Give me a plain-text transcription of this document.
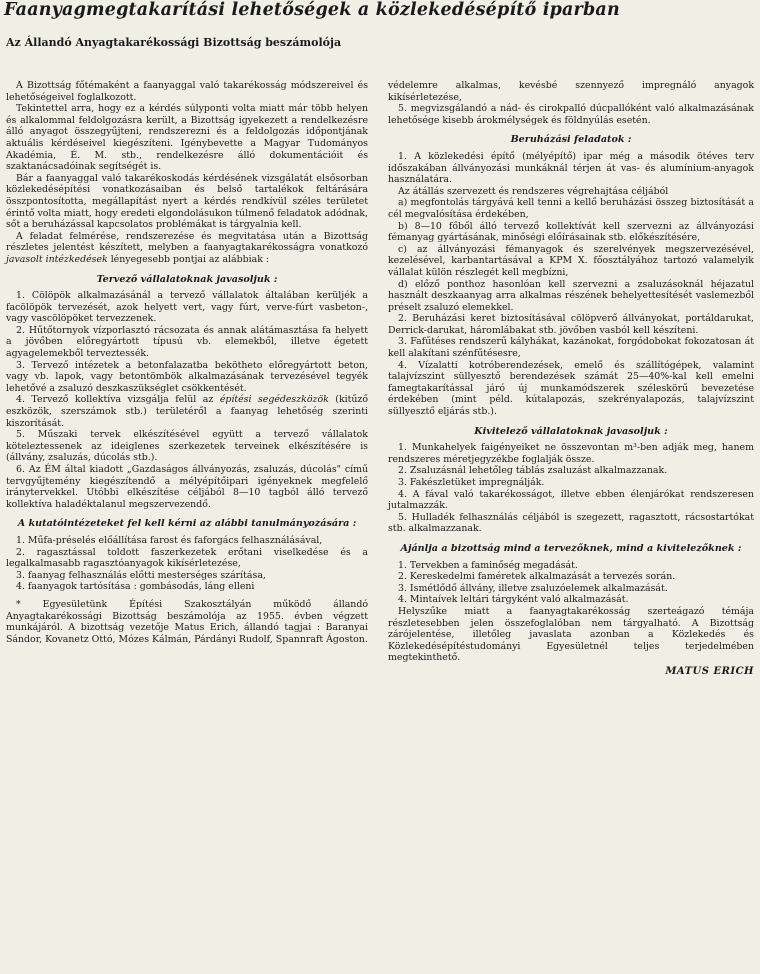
Faanyagmegtakarítási lehetőségek a közlekedésépítő iparban
Az Állandó Anyagtakarékossági Bizottság beszámolója

A Bizottság főtémaként a faanyaggal való takarékosság módszereivel és lehetőségeivel foglalkozott.

Tekintettel arra, hogy ez a kérdés súlyponti volta miatt már több helyen és alkalommal feldolgozásra került, a Bizottság igyekezett a rendelkezésre álló anyagot összegyűjteni, rendszerezni és a feldolgozás időpontjának aktuális kérdéseivel kiegészíteni. Igénybevette a Magyar Tudományos Akadémia, É. M. stb., rendelkezésre álló dokumentációit és szaktanácsadóinak segítségét is.

Bár a faanyaggal való takarékoskodás kérdésének vizsgálatát elsősorban közlekedésépítési vonatkozásaiban és belső tartalékok feltárására összpontosította, megállapítást nyert a kérdés rendkívül széles területet érintő volta miatt, hogy eredeti elgondolásukon túlmenő feladatok adódnak, sőt a beruházással kapcsolatos problémákat is tárgyalnia kell.

A feladat felmérése, rendszerezése és megvitatása után a Bizottság részletes jelentést készített, melyben a faanyagtakarékosságra vonatkozó javasolt intézkedések lényegesebb pontjai az alábbiak :

Tervező vállalatoknak javasoljuk :

1. Cölöpök alkalmazásánál a tervező vállalatok általában kerüljék a facölöpök tervezését, azok helyett vert, vagy fúrt, verve-fúrt vasbeton-, vagy vascölöpöket tervezzenek.

2. Hűtőtornyok vízporlasztó rácsozata és annak alátámasztása fa helyett a jövőben előregyártott típusú vb. elemekből, illetve égetett agyagelemekből terveztessék.

3. Tervező intézetek a betonfalazatba bekötheto előregyártott beton, vagy vb. lapok, vagy betontömbök alkalmazásának tervezésével tegyék lehetővé a zsaluzó deszkaszükséglet csökkentését.

4. Tervező kollektíva vizsgálja felül az építési segédeszközök (kitűző eszközök, szerszámok stb.) területéről a faanyag lehetőség szerinti kiszorítását.

5. Műszaki tervek elkészítésével együtt a tervező vállalatok köteleztessenek az ideiglenes szerkezetek terveinek elkészítésére is (állvány, zsaluzás, dúcolás stb.).

6. Az ÉM által kiadott „Gazdaságos állványozás, zsaluzás, dúcolás" című tervgyűjtemény kiegészítendő a mélyépítőipari igényeknek megfelelő iránytervekkel. Utóbbi elkészítése céljából 8—10 tagból álló tervező kollektíva haladéktalanul megszervezendő.

A kutatóintézeteket fel kell kérni az alábbi tanulmányozására :

1. Műfa-préselés előállítása farost és faforgács felhasználásával,

2. ragasztással toldott faszerkezetek erőtani viselkedése és a legalkalmasabb ragasztóanyagok kikísérletezése,

3. faanyag felhasználás előtti mesterséges szárítása,

4. faanyagok tartósítása : gombásodás, láng elleni

* Egyesületünk Építési Szakosztályán működő állandó Anyagtakarékossági Bizottság beszámolója az 1955. évben végzett munkájáról. A bizottság vezetője Matus Erich, állandó tagjai : Baranyai Sándor, Kovanetz Ottó, Mózes Kálmán, Párdányi Rudolf, Spannraft Ágoston.

védelemre alkalmas, kevésbé szennyező impregnáló anyagok kikísérletezése,

5. megvizsgálandó a nád- és cirokpalló dúcpallóként való alkalmazásának lehetősége kisebb árokmélységek és földnyúlás esetén.

Beruházási feladatok :

1. A közlekedési építő (mélyépítő) ipar még a második ötéves terv időszakában állványozási munkáknál térjen át vas- és alumínium-anyagok használatára.

Az átállás szervezett és rendszeres végrehajtása céljából

a) megfontolás tárgyává kell tenni a kellő beruházási összeg biztosítását a cél megvalósítása érdekében,

b) 8—10 főből álló tervező kollektívát kell szervezni az állványozási fémanyag gyártásának, minőségi előírásainak stb. előkészítésére,

c) az állványozási fémanyagok és szerelvények megszervezésével, kezelésével, karbantartásával a KPM X. főosztályához tartozó valamelyik vállalat külön részlegét kell megbízni,

d) előző ponthoz hasonlóan kell szervezni a zsaluzásoknál héjazatul használt deszkaanyag arra alkalmas részének behelyettesítését vaslemezből préselt zsaluzó elemekkel.

2. Beruházási keret biztosításával cölöpverő állványokat, portáldarukat, Derrick-darukat, háromlábakat stb. jövőben vasból kell készíteni.

3. Fafűtéses rendszerű kályhákat, kazánokat, forgódobokat fokozatosan át kell alakítani szénfűtésesre,

4. Vízalatti kotróberendezések, emelő és szállítógépek, valamint talajvízszint süllyesztő berendezések számát 25—40%-kal kell emelni famegtakarítással járó új munkamódszerek széleskörű bevezetése érdekében (mint péld. kútalapozás, szekrényalapozás, talajvízszint süllyesztő eljárás stb.).

Kivitelező vállalatoknak javasoljuk :

1. Munkahelyek faigényeiket ne összevontan m³-ben adják meg, hanem rendszeres méretjegyzékbe foglalják össze.

2. Zsaluzásnál lehetőleg táblás zsaluzást alkalmazzanak.

3. Fakészletüket impregnálják.

4. A fával való takarékosságot, illetve ebben élenjárókat rendszeresen jutalmazzák.

5. Hulladék felhasználás céljából is szegezett, ragasztott, rácsostartókat stb. alkalmazzanak.

Ajánlja a bizottság mind a tervezőknek, mind a kivitelezőknek :

1. Tervekben a faminőség megadását.

2. Kereskedelmi faméretek alkalmazását a tervezés során.

3. Ismétlődő állvány, illetve zsaluzóelemek alkalmazását.

4. Mintaívek leltári tárgyként való alkalmazását.

Helyszűke miatt a faanyagtakarékosság szerteágazó témája részletesebben jelen összefoglalóban nem tárgyalható. A Bizottság zárójelentése, illetőleg javaslata azonban a Közlekedés és Közlekedésépítéstudományi Egyesületnél teljes terjedelmében megtekinthető.

MATUS ERICH
